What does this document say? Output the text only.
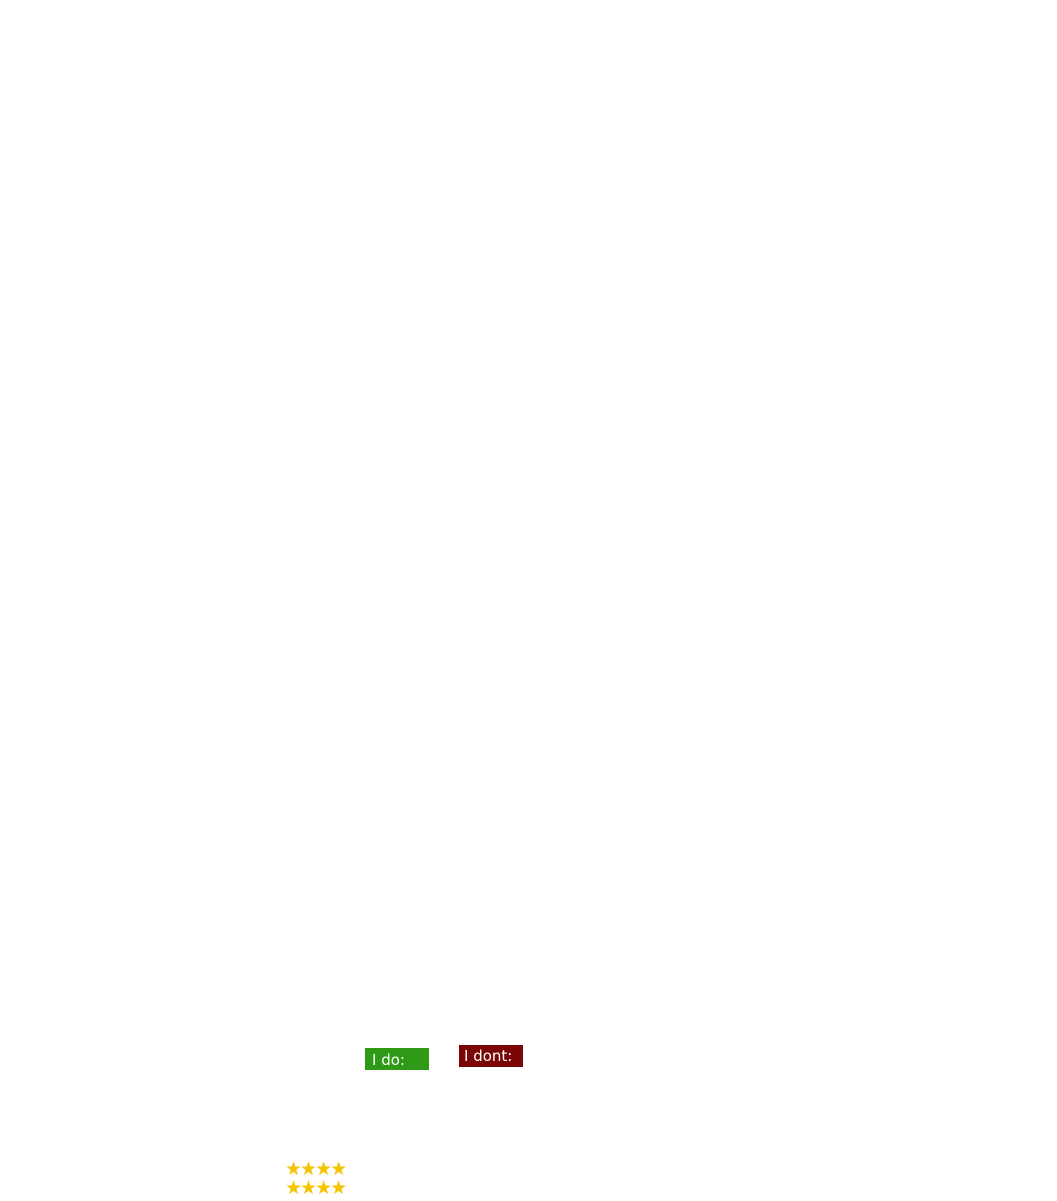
I do:	I dont:
★★★★
★★★★
